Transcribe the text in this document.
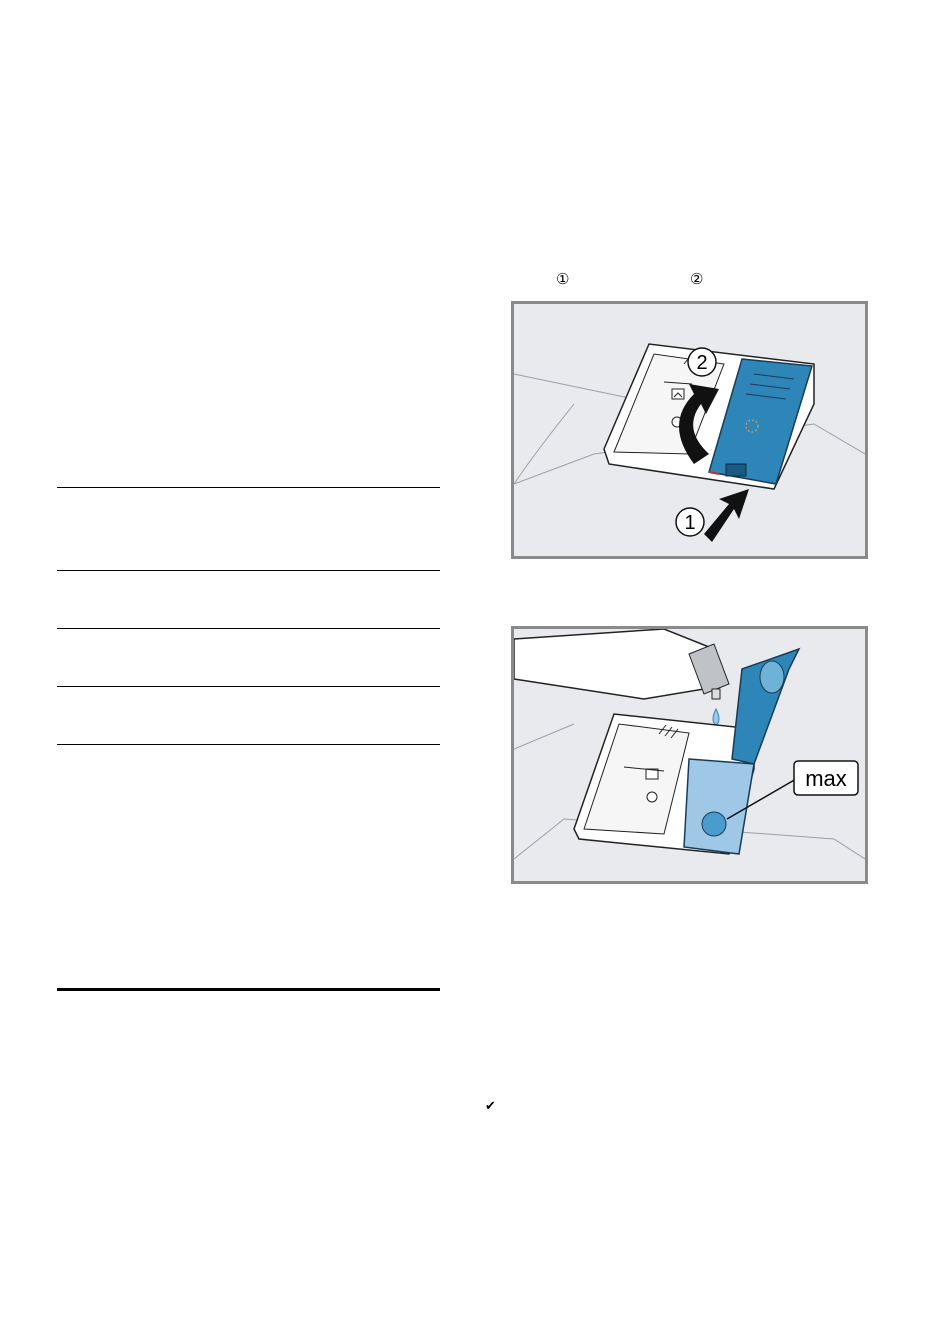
①	②
2
1
max
✔
